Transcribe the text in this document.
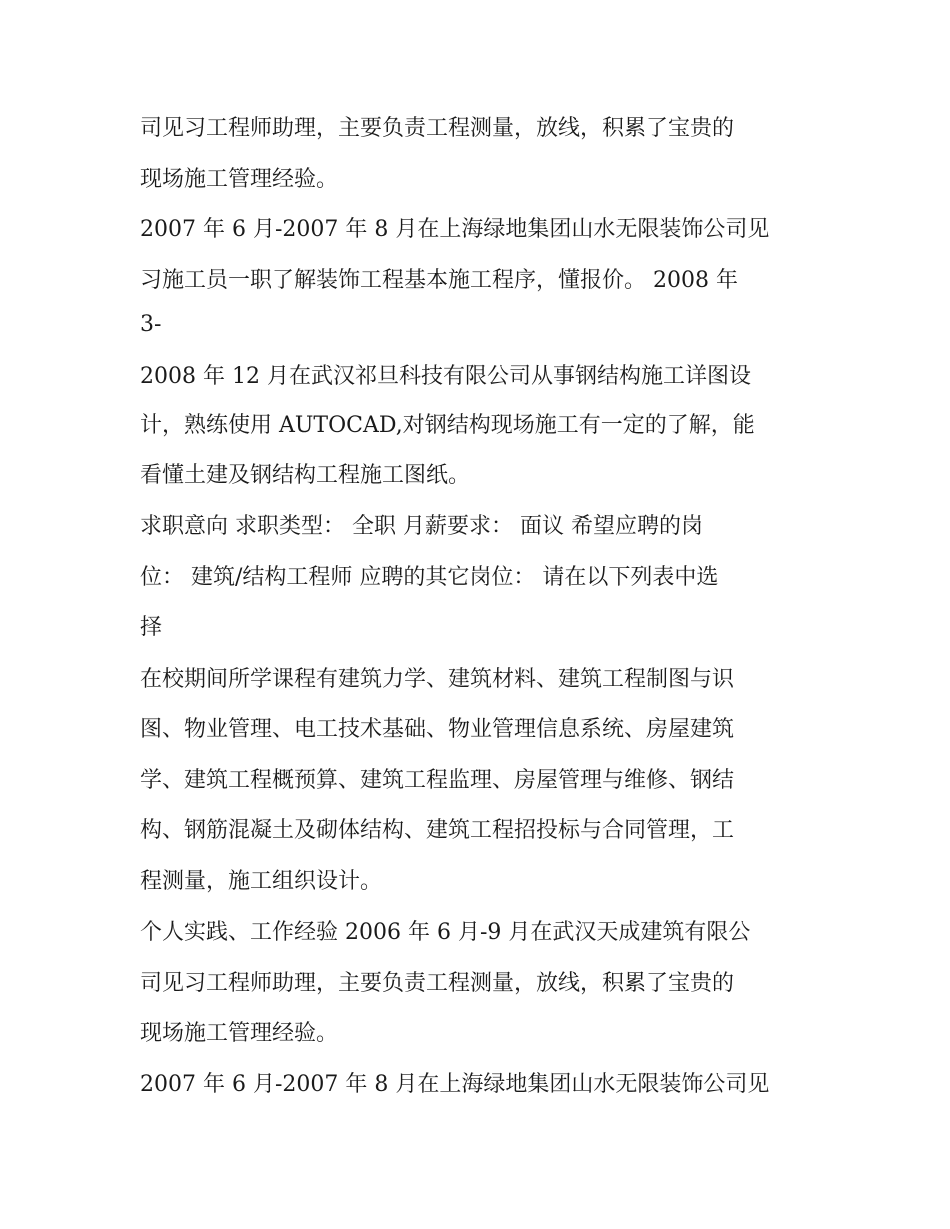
司见习工程师助理，主要负责工程测量，放线，积累了宝贵的
现场施工管理经验。
2007 年 6 月-2007 年 8 月在上海绿地集团山水无限装饰公司见
习施工员一职了解装饰工程基本施工程序，懂报价。 2008 年
3-
2008 年 12 月在武汉祁旦科技有限公司从事钢结构施工详图设
计，熟练使用 AUTOCAD,对钢结构现场施工有一定的了解，能
看懂土建及钢结构工程施工图纸。
求职意向 求职类型： 全职 月薪要求： 面议 希望应聘的岗
位： 建筑/结构工程师 应聘的其它岗位： 请在以下列表中选
择
在校期间所学课程有建筑力学、建筑材料、建筑工程制图与识
图、物业管理、电工技术基础、物业管理信息系统、房屋建筑
学、建筑工程概预算、建筑工程监理、房屋管理与维修、钢结
构、钢筋混凝土及砌体结构、建筑工程招投标与合同管理，工
程测量，施工组织设计。
个人实践、工作经验 2006 年 6 月-9 月在武汉天成建筑有限公
司见习工程师助理，主要负责工程测量，放线，积累了宝贵的
现场施工管理经验。
2007 年 6 月-2007 年 8 月在上海绿地集团山水无限装饰公司见
